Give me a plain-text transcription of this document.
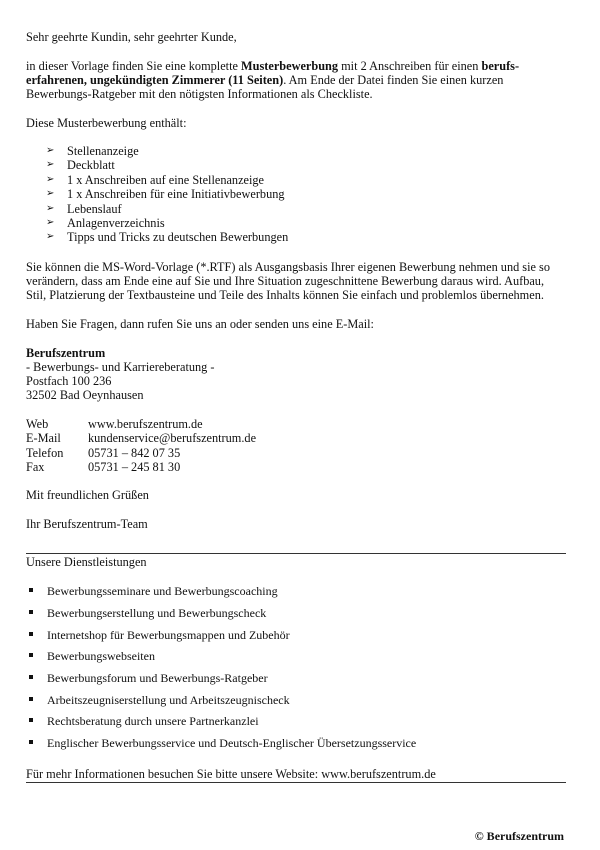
Sehr geehrte Kundin, sehr geehrter Kunde,

in dieser Vorlage finden Sie eine komplette Musterbewerbung mit 2 Anschreiben für einen berufs-erfahrenen, ungekündigten Zimmerer (11 Seiten). Am Ende der Datei finden Sie einen kurzen Bewerbungs-Ratgeber mit den nötigsten Informationen als Checkliste.

Diese Musterbewerbung enthält:

➢ Stellenanzeige
➢ Deckblatt
➢ 1 x Anschreiben auf eine Stellenanzeige
➢ 1 x Anschreiben für eine Initiativbewerbung
➢ Lebenslauf
➢ Anlagenverzeichnis
➢ Tipps und Tricks zu deutschen Bewerbungen

Sie können die MS-Word-Vorlage (*.RTF) als Ausgangsbasis Ihrer eigenen Bewerbung nehmen und sie so verändern, dass am Ende eine auf Sie und Ihre Situation zugeschnittene Bewerbung daraus wird. Aufbau, Stil, Platzierung der Textbausteine und Teile des Inhalts können Sie einfach und problemlos übernehmen.

Haben Sie Fragen, dann rufen Sie uns an oder senden uns eine E-Mail:

Berufszentrum

- Bewerbungs- und Karriereberatung -

Postfach 100 236

32502 Bad Oeynhausen

Web	www.berufszentrum.de
E-Mail	kundenservice@berufszentrum.de
Telefon	05731 – 842 07 35
Fax	05731 – 245 81 30

Mit freundlichen Grüßen

Ihr Berufszentrum-Team

Unsere Dienstleistungen

Bewerbungsseminare und Bewerbungscoaching
Bewerbungserstellung und Bewerbungscheck
Internetshop für Bewerbungsmappen und Zubehör
Bewerbungswebseiten
Bewerbungsforum und Bewerbungs-Ratgeber
Arbeitszeugniserstellung und Arbeitszeugnischeck
Rechtsberatung durch unsere Partnerkanzlei
Englischer Bewerbungsservice und Deutsch-Englischer Übersetzungsservice

Für mehr Informationen besuchen Sie bitte unsere Website: www.berufszentrum.de

© Berufszentrum
